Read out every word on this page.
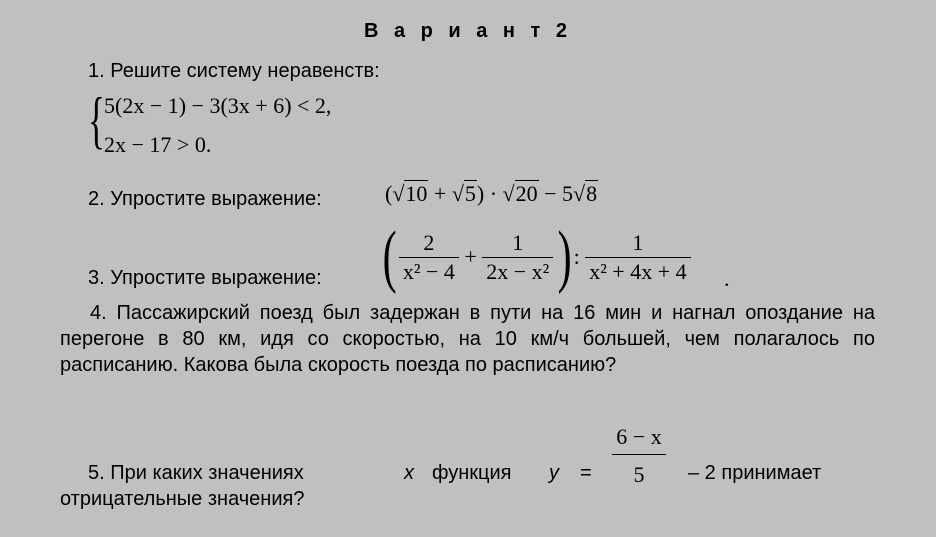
В а р и а н т 2
1. Решите систему неравенств:
{ 5(2x − 1) − 3(3x + 6) < 2,
2x − 17 > 0.
2. Упростите выражение:	(√10 + √5) · √20 − 5√8
3. Упростите выражение: ( $\frac{2}{\text{x² − 4}} + \frac{1}{\text{2x − x²}}$ ) : $\frac{1}{\text{x² + 4x + 4}}$ .
4. Пассажирский поезд был задержан в пути на 16 мин и нагнал опоздание на перегоне в 80 км, идя со скоростью, на 10 км/ч большей, чем полагалось по расписанию. Какова была скорость поезда по расписанию?
6 − x
5
5. При каких значениях	x функция y =	– 2 принимает
отрицательные значения?
